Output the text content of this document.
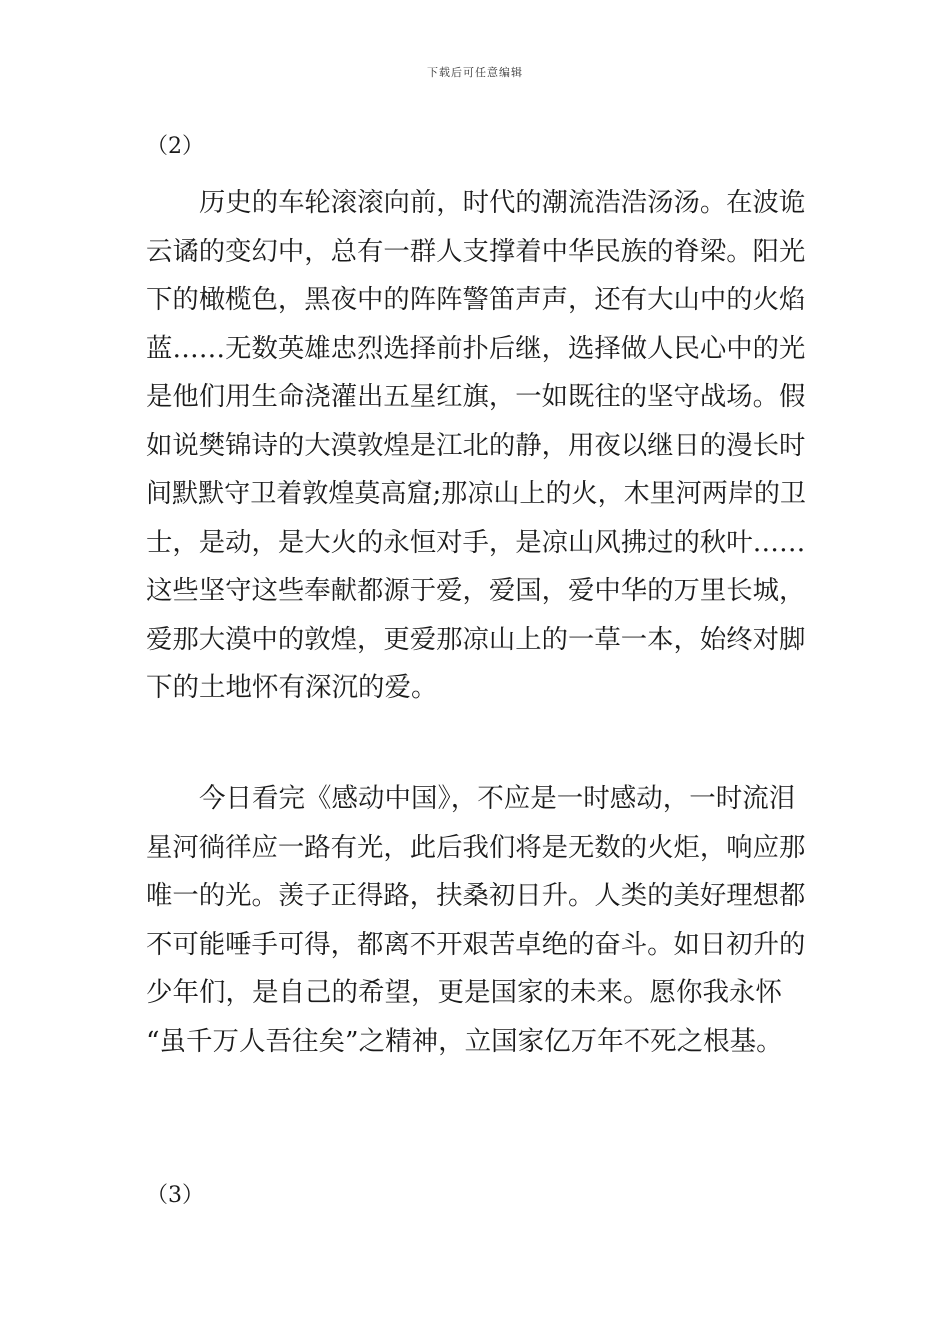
下载后可任意编辑
（2）
历史的车轮滚滚向前，时代的潮流浩浩汤汤。在波诡
云谲的变幻中，总有一群人支撑着中华民族的脊梁。阳光
下的橄榄色，黑夜中的阵阵警笛声声，还有大山中的火焰
蓝……无数英雄忠烈选择前扑后继，选择做人民心中的光
是他们用生命浇灌出五星红旗，一如既往的坚守战场。假
如说樊锦诗的大漠敦煌是江北的静，用夜以继日的漫长时
间默默守卫着敦煌莫高窟;那凉山上的火，木里河两岸的卫
士，是动，是大火的永恒对手，是凉山风拂过的秋叶……
这些坚守这些奉献都源于爱，爱国，爱中华的万里长城，
爱那大漠中的敦煌，更爱那凉山上的一草一本，始终对脚
下的土地怀有深沉的爱。
今日看完《感动中国》，不应是一时感动，一时流泪
星河徜徉应一路有光，此后我们将是无数的火炬，响应那
唯一的光。羡子正得路，扶桑初日升。人类的美好理想都
不可能唾手可得，都离不开艰苦卓绝的奋斗。如日初升的
少年们，是自己的希望，更是国家的未来。愿你我永怀
“虽千万人吾往矣”之精神，立国家亿万年不死之根基。
（3）
